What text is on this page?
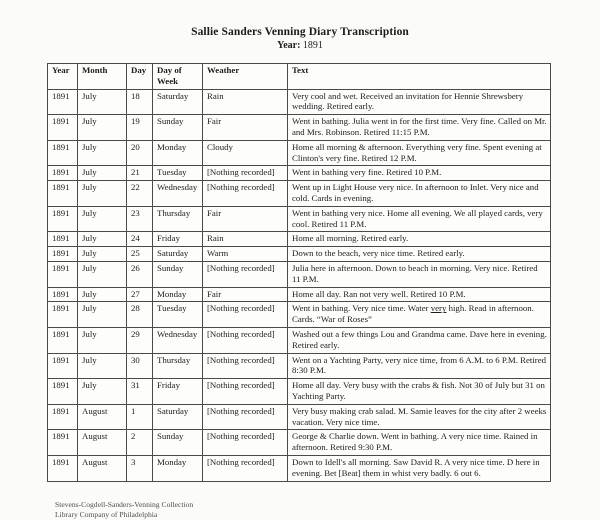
Sallie Sanders Venning Diary Transcription
Year: 1891
Year	Month	Day	Day of Week	Weather	Text
1891	July	18	Saturday	Rain	Very cool and wet. Received an invitation for Hennie Shrewsbery wedding. Retired early.
1891	July	19	Sunday	Fair	Went in bathing. Julia went in for the first time. Very fine. Called on Mr. and Mrs. Robinson. Retired 11:15 P.M.
1891	July	20	Monday	Cloudy	Home all morning & afternoon. Everything very fine. Spent evening at Clinton's very fine. Retired 12 P.M.
1891	July	21	Tuesday	[Nothing recorded]	Went in bathing very fine. Retired 10 P.M.
1891	July	22	Wednesday	[Nothing recorded]	Went up in Light House very nice. In afternoon to Inlet. Very nice and cold. Cards in evening.
1891	July	23	Thursday	Fair	Went in bathing very nice. Home all evening. We all played cards, very cool. Retired 11 P.M.
1891	July	24	Friday	Rain	Home all morning. Retired early.
1891	July	25	Saturday	Warm	Down to the beach, very nice time. Retired early.
1891	July	26	Sunday	[Nothing recorded]	Julia here in afternoon. Down to beach in morning. Very nice. Retired 11 P.M.
1891	July	27	Monday	Fair	Home all day. Ran not very well. Retired 10 P.M.
1891	July	28	Tuesday	[Nothing recorded]	Went in bathing. Very nice time. Water very high. Read in afternoon. Cards. “War of Roses”
1891	July	29	Wednesday	[Nothing recorded]	Washed out a few things Lou and Grandma came. Dave here in evening. Retired early.
1891	July	30	Thursday	[Nothing recorded]	Went on a Yachting Party, very nice time, from 6 A.M. to 6 P.M. Retired 8:30 P.M.
1891	July	31	Friday	[Nothing recorded]	Home all day. Very busy with the crabs & fish. Not 30 of July but 31 on Yachting Party.
1891	August	1	Saturday	[Nothing recorded]	Very busy making crab salad. M. Samie leaves for the city after 2 weeks vacation. Very nice time.
1891	August	2	Sunday	[Nothing recorded]	George & Charlie down. Went in bathing. A very nice time. Rained in afternoon. Retired 9:30 P.M.
1891	August	3	Monday	[Nothing recorded]	Down to Idell's all morning. Saw David R. A very nice time. D here in evening. Bet [Beat] them in whist very badly. 6 out 6.
Stevens-Cogdell-Sanders-Venning Collection
Library Company of Philadelphia
